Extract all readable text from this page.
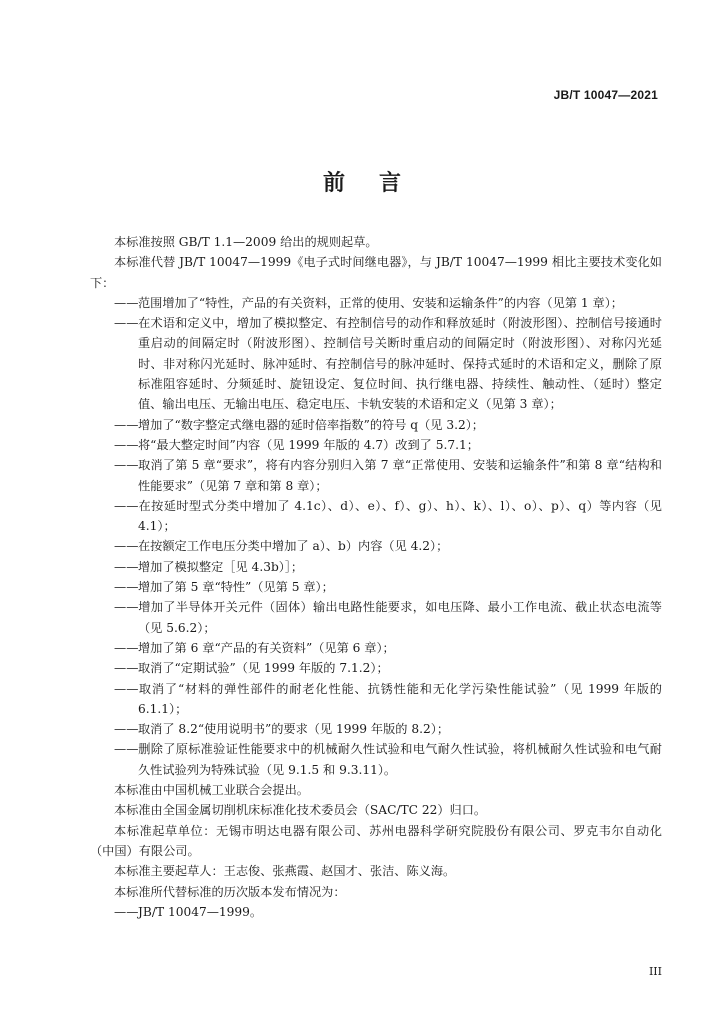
JB/T 10047—2021
前言

本标准按照 GB/T 1.1—2009 给出的规则起草。

本标准代替 JB/T 10047—1999《电子式时间继电器》，与 JB/T 10047—1999 相比主要技术变化如下：

——范围增加了“特性，产品的有关资料，正常的使用、安装和运输条件”的内容（见第 1 章）；

——在术语和定义中，增加了模拟整定、有控制信号的动作和释放延时（附波形图）、控制信号接通时重启动的间隔定时（附波形图）、控制信号关断时重启动的间隔定时（附波形图）、对称闪光延时、非对称闪光延时、脉冲延时、有控制信号的脉冲延时、保持式延时的术语和定义，删除了原标准阻容延时、分频延时、旋钮设定、复位时间、执行继电器、持续性、触动性、（延时）整定值、输出电压、无输出电压、稳定电压、卡轨安装的术语和定义（见第 3 章）；

——增加了“数字整定式继电器的延时倍率指数”的符号 q（见 3.2）；

——将“最大整定时间”内容（见 1999 年版的 4.7）改到了 5.7.1；

——取消了第 5 章“要求”，将有内容分别归入第 7 章“正常使用、安装和运输条件”和第 8 章“结构和性能要求”（见第 7 章和第 8 章）；

——在按延时型式分类中增加了 4.1c）、d）、e）、f）、g）、h）、k）、l）、o）、p）、q）等内容（见 4.1）；

——在按额定工作电压分类中增加了 a）、b）内容（见 4.2）；

——增加了模拟整定［见 4.3b）］；

——增加了第 5 章“特性”（见第 5 章）；

——增加了半导体开关元件（固体）输出电路性能要求，如电压降、最小工作电流、截止状态电流等（见 5.6.2）；

——增加了第 6 章“产品的有关资料”（见第 6 章）；

——取消了“定期试验”（见 1999 年版的 7.1.2）；

——取消了“材料的弹性部件的耐老化性能、抗锈性能和无化学污染性能试验”（见 1999 年版的 6.1.1）；

——取消了 8.2“使用说明书”的要求（见 1999 年版的 8.2）；

——删除了原标准验证性能要求中的机械耐久性试验和电气耐久性试验，将机械耐久性试验和电气耐久性试验列为特殊试验（见 9.1.5 和 9.3.11）。

本标准由中国机械工业联合会提出。

本标准由全国金属切削机床标准化技术委员会（SAC/TC 22）归口。

本标准起草单位：无锡市明达电器有限公司、苏州电器科学研究院股份有限公司、罗克韦尔自动化（中国）有限公司。

本标准主要起草人：王志俊、张燕霞、赵国才、张洁、陈义海。

本标准所代替标准的历次版本发布情况为：

——JB/T 10047—1999。

III
